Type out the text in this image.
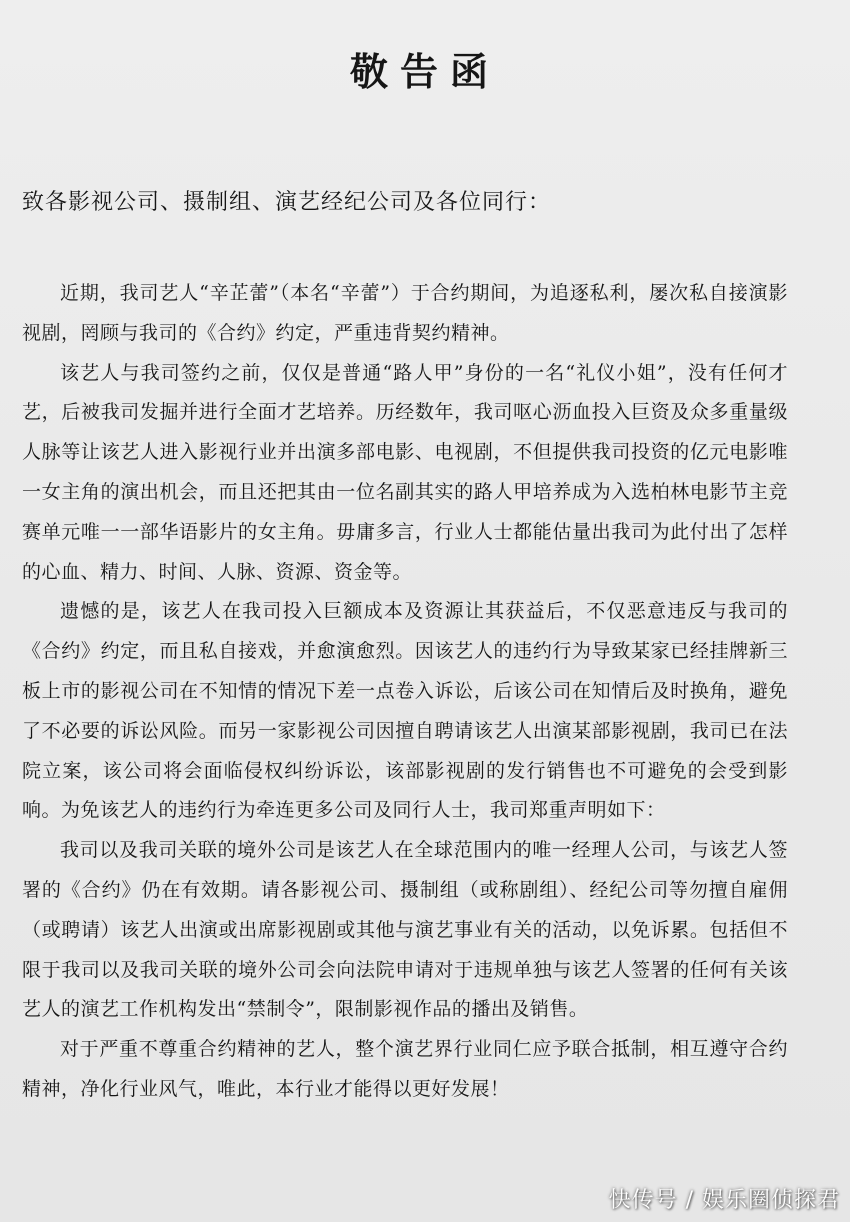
敬告函
致各影视公司、摄制组、演艺经纪公司及各位同行：

近期，我司艺人“辛芷蕾”（本名“辛蕾”）于合约期间，为追逐私利，屡次私自接演影视剧，罔顾与我司的《合约》约定，严重违背契约精神。

该艺人与我司签约之前，仅仅是普通“路人甲”身份的一名“礼仪小姐”，没有任何才艺，后被我司发掘并进行全面才艺培养。历经数年，我司呕心沥血投入巨资及众多重量级人脉等让该艺人进入影视行业并出演多部电影、电视剧，不但提供我司投资的亿元电影唯一女主角的演出机会，而且还把其由一位名副其实的路人甲培养成为入选柏林电影节主竞赛单元唯一一部华语影片的女主角。毋庸多言，行业人士都能估量出我司为此付出了怎样的心血、精力、时间、人脉、资源、资金等。

遗憾的是，该艺人在我司投入巨额成本及资源让其获益后，不仅恶意违反与我司的《合约》约定，而且私自接戏，并愈演愈烈。因该艺人的违约行为导致某家已经挂牌新三板上市的影视公司在不知情的情况下差一点卷入诉讼，后该公司在知情后及时换角，避免了不必要的诉讼风险。而另一家影视公司因擅自聘请该艺人出演某部影视剧，我司已在法院立案，该公司将会面临侵权纠纷诉讼，该部影视剧的发行销售也不可避免的会受到影响。为免该艺人的违约行为牵连更多公司及同行人士，我司郑重声明如下：

我司以及我司关联的境外公司是该艺人在全球范围内的唯一经理人公司，与该艺人签署的《合约》仍在有效期。请各影视公司、摄制组（或称剧组）、经纪公司等勿擅自雇佣（或聘请）该艺人出演或出席影视剧或其他与演艺事业有关的活动，以免诉累。包括但不限于我司以及我司关联的境外公司会向法院申请对于违规单独与该艺人签署的任何有关该艺人的演艺工作机构发出“禁制令”，限制影视作品的播出及销售。

对于严重不尊重合约精神的艺人，整个演艺界行业同仁应予联合抵制，相互遵守合约精神，净化行业风气，唯此，本行业才能得以更好发展！

快传号 / 娱乐圈侦探君
